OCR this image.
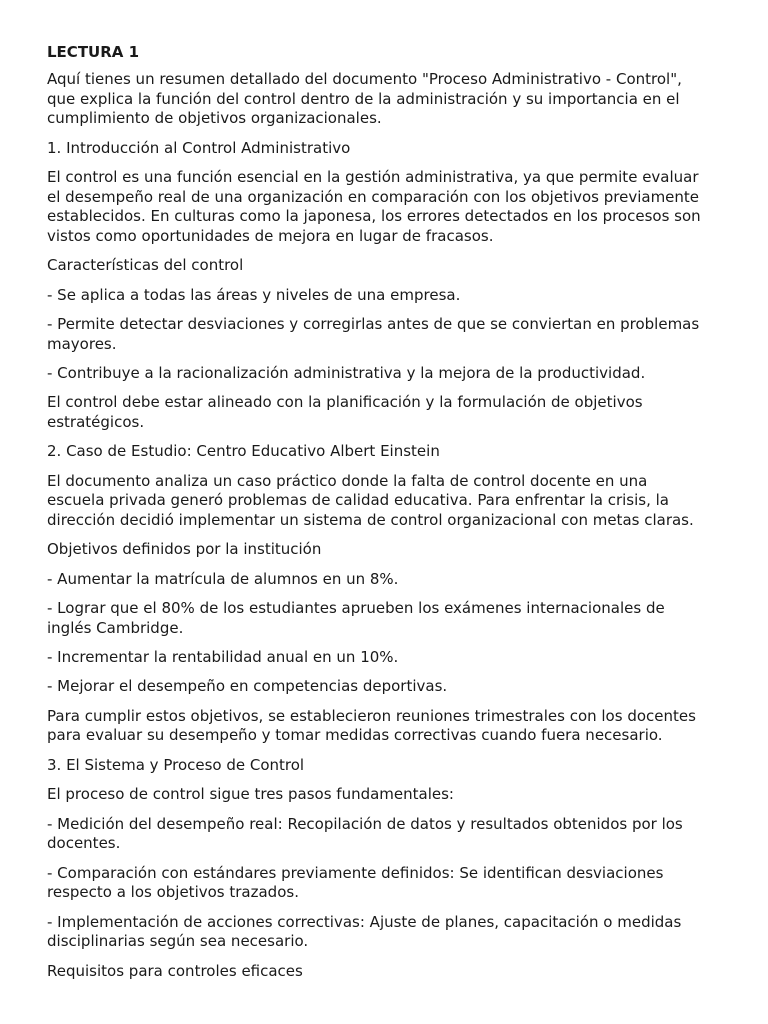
LECTURA 1
Aquí tienes un resumen detallado del documento "Proceso Administrativo - Control",
que explica la función del control dentro de la administración y su importancia en el
cumplimiento de objetivos organizacionales.
1. Introducción al Control Administrativo
El control es una función esencial en la gestión administrativa, ya que permite evaluar
el desempeño real de una organización en comparación con los objetivos previamente
establecidos. En culturas como la japonesa, los errores detectados en los procesos son
vistos como oportunidades de mejora en lugar de fracasos.
Características del control
- Se aplica a todas las áreas y niveles de una empresa.
- Permite detectar desviaciones y corregirlas antes de que se conviertan en problemas
mayores.
- Contribuye a la racionalización administrativa y la mejora de la productividad.
El control debe estar alineado con la planificación y la formulación de objetivos
estratégicos.
2. Caso de Estudio: Centro Educativo Albert Einstein
El documento analiza un caso práctico donde la falta de control docente en una
escuela privada generó problemas de calidad educativa. Para enfrentar la crisis, la
dirección decidió implementar un sistema de control organizacional con metas claras.
Objetivos definidos por la institución
- Aumentar la matrícula de alumnos en un 8%.
- Lograr que el 80% de los estudiantes aprueben los exámenes internacionales de
inglés Cambridge.
- Incrementar la rentabilidad anual en un 10%.
- Mejorar el desempeño en competencias deportivas.
Para cumplir estos objetivos, se establecieron reuniones trimestrales con los docentes
para evaluar su desempeño y tomar medidas correctivas cuando fuera necesario.
3. El Sistema y Proceso de Control
El proceso de control sigue tres pasos fundamentales:
- Medición del desempeño real: Recopilación de datos y resultados obtenidos por los
docentes.
- Comparación con estándares previamente definidos: Se identifican desviaciones
respecto a los objetivos trazados.
- Implementación de acciones correctivas: Ajuste de planes, capacitación o medidas
disciplinarias según sea necesario.
Requisitos para controles eficaces
